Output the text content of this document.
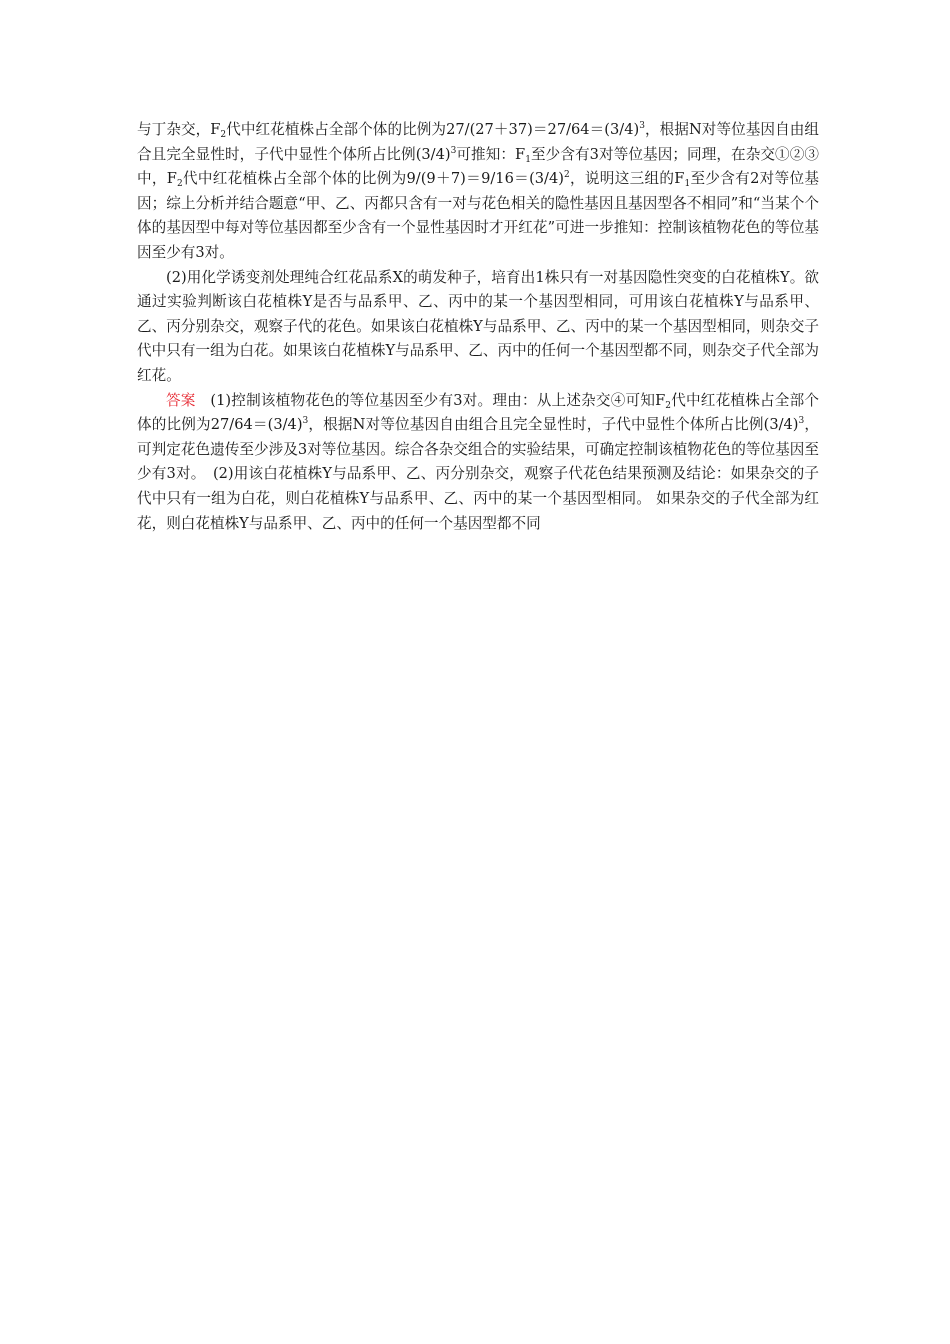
与丁杂交，$F_2$代中红花植株占全部个体的比例为$27/(27+37)=27/64=(3/4)^3$，根据N对等位基因自由组合且完全显性时，子代中显性个体所占比例$(3/4)^3$可推知：$F_1$至少含有3对等位基因；同理，在杂交①②③中，$F_2$代中红花植株占全部个体的比例为$9/(9+7)=9/16=(3/4)^2$，说明这三组的$F_1$至少含有2对等位基因；综上分析并结合题意“甲、乙、丙都只含有一对与花色相关的隐性基因且基因型各不相同”和“当某个个体的基因型中每对等位基因都至少含有一个显性基因时才开红花”可进一步推知：控制该植物花色的等位基因至少有3对。

(2)用化学诱变剂处理纯合红花品系X的萌发种子，培育出1株只有一对基因隐性突变的白花植株Y。欲通过实验判断该白花植株Y是否与品系甲、乙、丙中的某一个基因型相同，可用该白花植株Y与品系甲、乙、丙分别杂交，观察子代的花色。如果该白花植株Y与品系甲、乙、丙中的某一个基因型相同，则杂交子代中只有一组为白花。如果该白花植株Y与品系甲、乙、丙中的任何一个基因型都不同，则杂交子代全部为红花。

答案　(1)控制该植物花色的等位基因至少有3对。理由：从上述杂交④可知$F_2$代中红花植株占全部个体的比例为$27/64=(3/4)^3$，根据N对等位基因自由组合且完全显性时，子代中显性个体所占比例$(3/4)^3$，可判定花色遗传至少涉及3对等位基因。综合各杂交组合的实验结果，可确定控制该植物花色的等位基因至少有3对。　(2)用该白花植株Y与品系甲、乙、丙分别杂交，观察子代花色结果预测及结论：如果杂交的子代中只有一组为白花，则白花植株Y与品系甲、乙、丙中的某一个基因型相同。 如果杂交的子代全部为红花，则白花植株Y与品系甲、乙、丙中的任何一个基因型都不同
